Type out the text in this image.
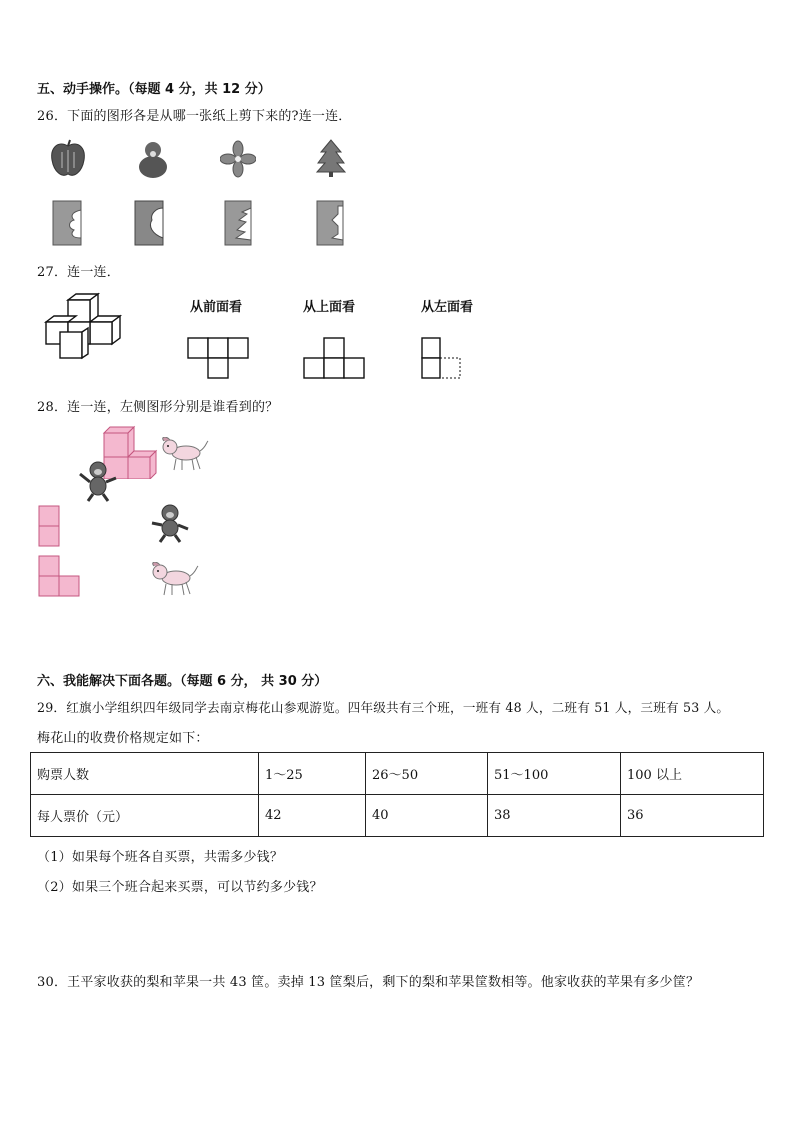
五、动手操作。（每题 4 分，共 12 分）
26．下面的图形各是从哪一张纸上剪下来的?连一连．
27．连一连．
从前面看	从上面看	从左面看
28．连一连，左侧图形分别是谁看到的？
六、我能解决下面各题。（每题 6 分， 共 30 分）
29．红旗小学组织四年级同学去南京梅花山参观游览。四年级共有三个班，一班有 48 人，二班有 51 人，三班有 53 人。
梅花山的收费价格规定如下：
购票人数	1～25	26～50	51～100	100 以上
每人票价（元）	42	40	38	36
（1）如果每个班各自买票，共需多少钱？
（2）如果三个班合起来买票，可以节约多少钱？
30．王平家收获的梨和苹果一共 43 筐。卖掉 13 筐梨后，剩下的梨和苹果筐数相等。他家收获的苹果有多少筐？
